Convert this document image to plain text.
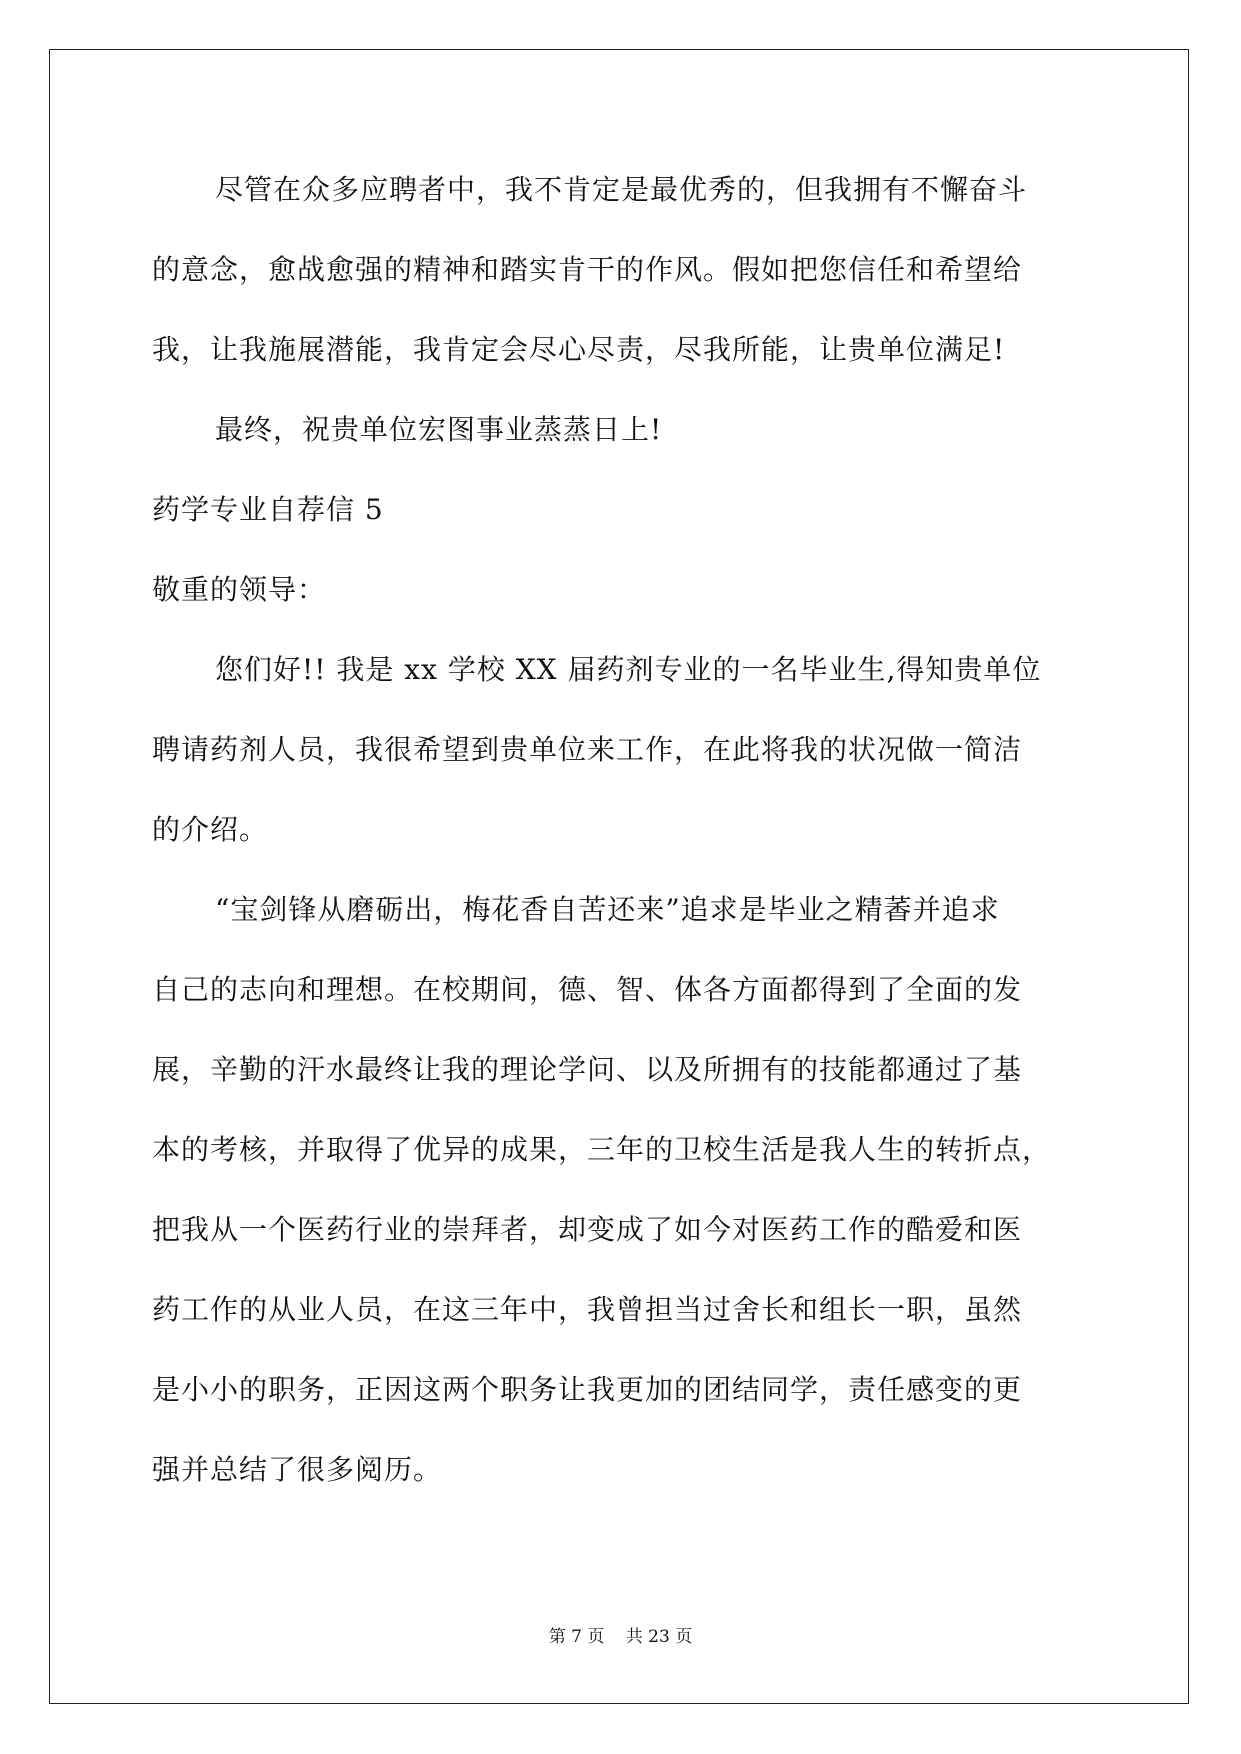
尽管在众多应聘者中，我不肯定是最优秀的，但我拥有不懈奋斗
的意念，愈战愈强的精神和踏实肯干的作风。假如把您信任和希望给
我，让我施展潜能，我肯定会尽心尽责，尽我所能，让贵单位满足!
最终，祝贵单位宏图事业蒸蒸日上!
药学专业自荐信 5
敬重的领导：
您们好!! 我是 xx 学校 XX 届药剂专业的一名毕业生,得知贵单位
聘请药剂人员，我很希望到贵单位来工作，在此将我的状况做一简洁
的介绍。
“宝剑锋从磨砺出，梅花香自苦还来”追求是毕业之精萫并追求
自己的志向和理想。在校期间，德、智、体各方面都得到了全面的发
展，辛勤的汗水最终让我的理论学问、以及所拥有的技能都通过了基
本的考核，并取得了优异的成果，三年的卫校生活是我人生的转折点，
把我从一个医药行业的崇拜者，却变成了如今对医药工作的酷爱和医
药工作的从业人员，在这三年中，我曾担当过舍长和组长一职，虽然
是小小的职务，正因这两个职务让我更加的团结同学，责任感变的更
强并总结了很多阅历。
第 7 页 共 23 页
